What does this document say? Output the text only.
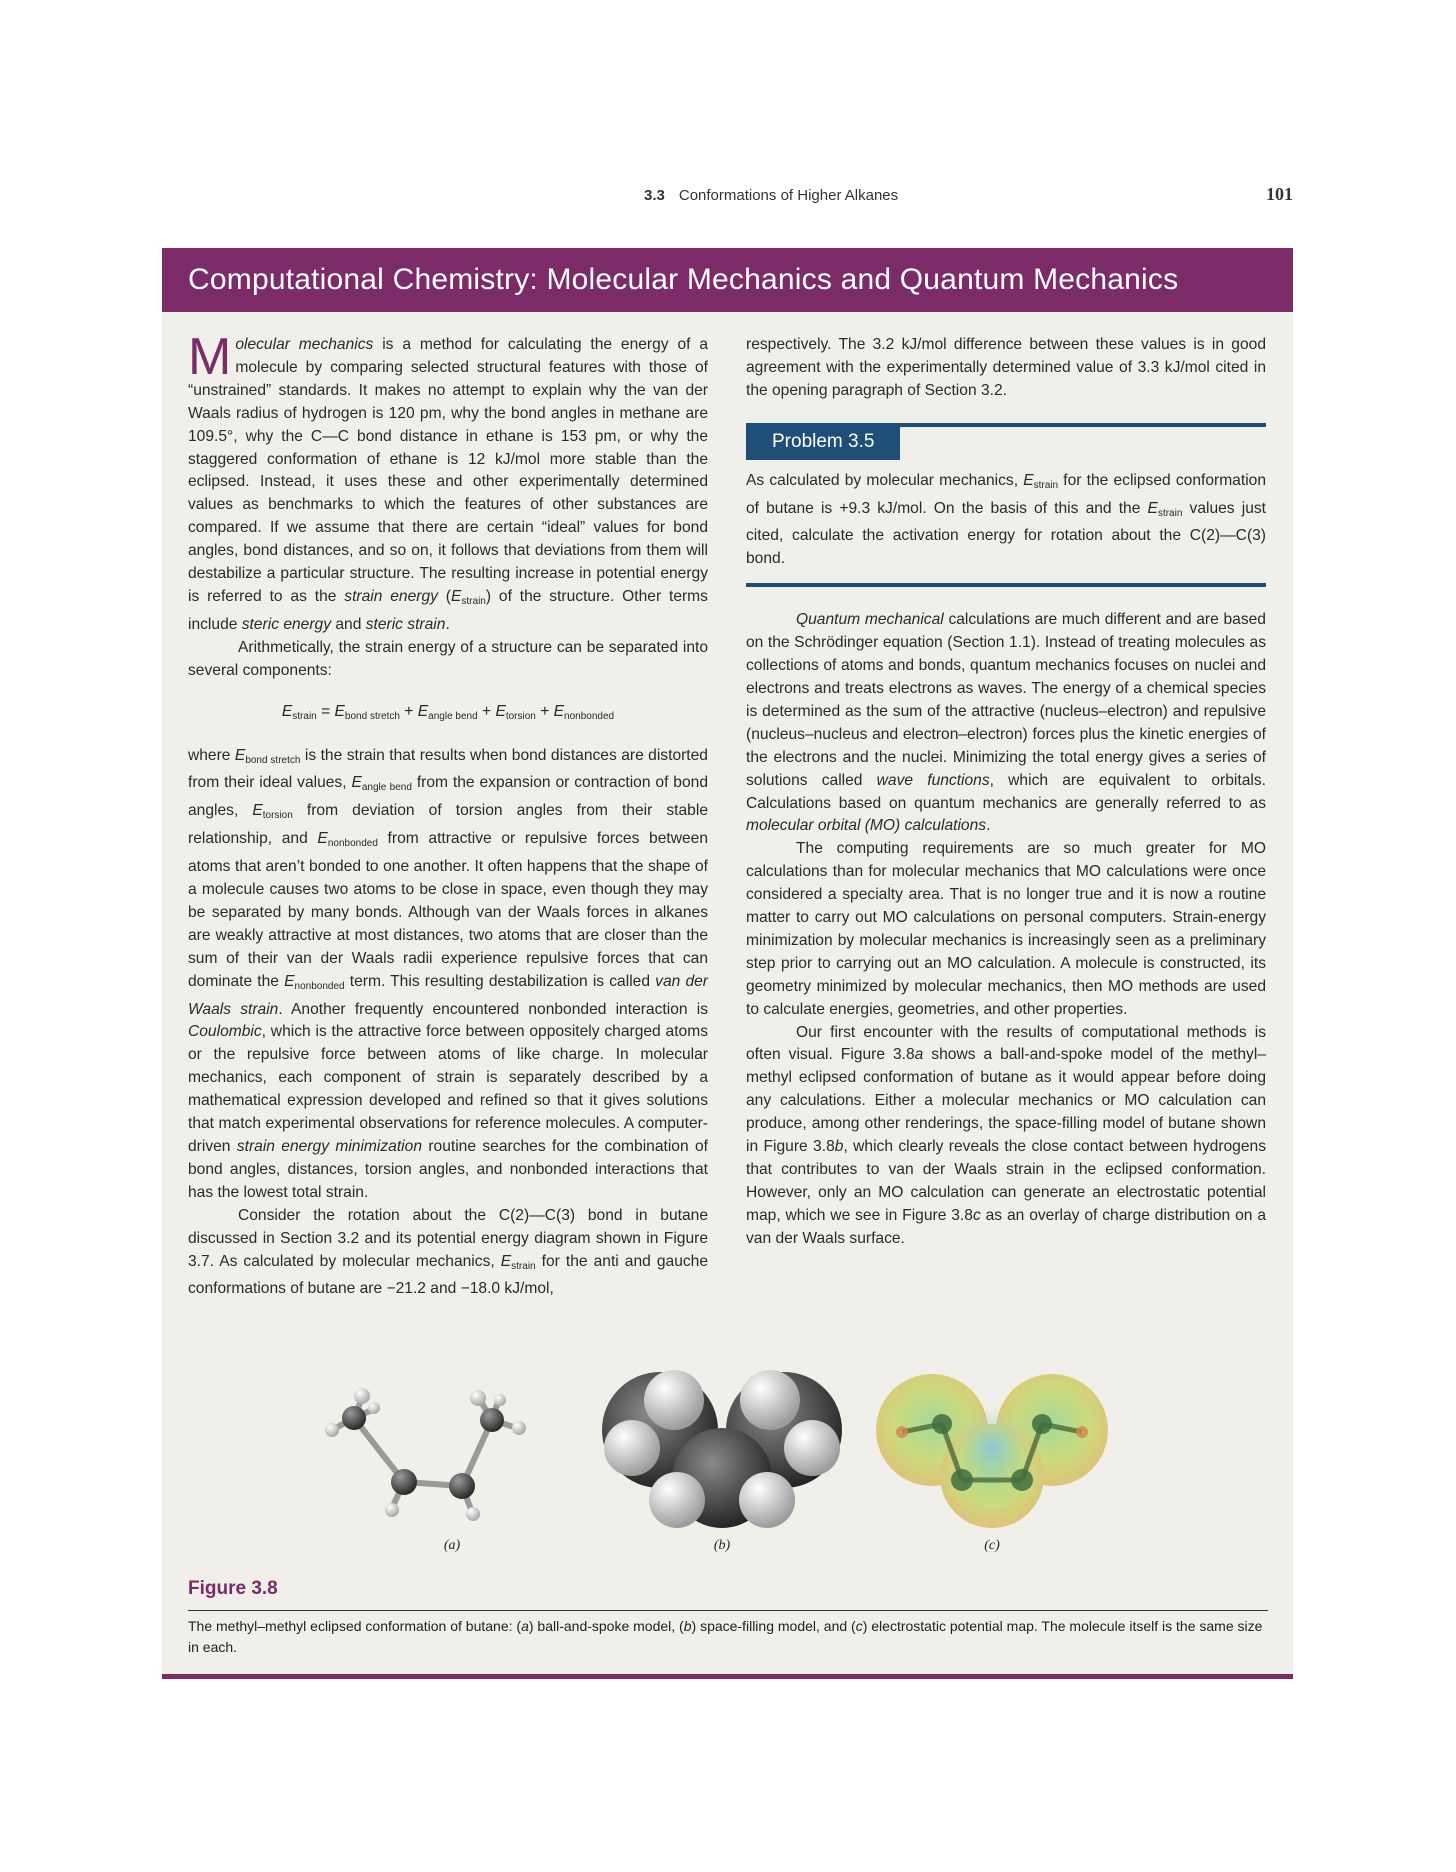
3.3 Conformations of Higher Alkanes	101
Computational Chemistry: Molecular Mechanics and Quantum Mechanics

Molecular mechanics is a method for calculating the energy of a molecule by comparing selected structural features with those of “unstrained” standards. It makes no attempt to explain why the van der Waals radius of hydrogen is 120 pm, why the bond angles in methane are 109.5°, why the C—C bond distance in ethane is 153 pm, or why the staggered conformation of ethane is 12 kJ/mol more stable than the eclipsed. Instead, it uses these and other experimentally determined values as benchmarks to which the features of other substances are compared. If we assume that there are certain “ideal” values for bond angles, bond distances, and so on, it follows that deviations from them will destabilize a particular structure. The resulting increase in potential energy is referred to as the strain energy $(E_{strain})$ of the structure. Other terms include steric energy and steric strain.

Arithmetically, the strain energy of a structure can be separated into several components:

$E_{strain} = E_{bond stretch} + E_{angle bend} + E_{torsion} + E_{nonbonded}$

where $E_{bond stretch}$ is the strain that results when bond distances are distorted from their ideal values, $E_{angle bend}$ from the expansion or contraction of bond angles, $E_{torsion}$ from deviation of torsion angles from their stable relationship, and $E_{nonbonded}$ from attractive or repulsive forces between atoms that aren’t bonded to one another. It often happens that the shape of a molecule causes two atoms to be close in space, even though they may be separated by many bonds. Although van der Waals forces in alkanes are weakly attractive at most distances, two atoms that are closer than the sum of their van der Waals radii experience repulsive forces that can dominate the $E_{nonbonded}$ term. This resulting destabilization is called van der Waals strain. Another frequently encountered nonbonded interaction is Coulombic, which is the attractive force between oppositely charged atoms or the repulsive force between atoms of like charge. In molecular mechanics, each component of strain is separately described by a mathematical expression developed and refined so that it gives solutions that match experimental observations for reference molecules. A computer-driven strain energy minimization routine searches for the combination of bond angles, distances, torsion angles, and nonbonded interactions that has the lowest total strain.

Consider the rotation about the C(2)—C(3) bond in butane discussed in Section 3.2 and its potential energy diagram shown in Figure 3.7. As calculated by molecular mechanics, $E_{strain}$ for the anti and gauche conformations of butane are −21.2 and −18.0 kJ/mol,

respectively. The 3.2 kJ/mol difference between these values is in good agreement with the experimentally determined value of 3.3 kJ/mol cited in the opening paragraph of Section 3.2.

Problem 3.5
As calculated by molecular mechanics, $E_{strain}$ for the eclipsed conformation of butane is +9.3 kJ/mol. On the basis of this and the $E_{strain}$ values just cited, calculate the activation energy for rotation about the C(2)—C(3) bond.

Quantum mechanical calculations are much different and are based on the Schrödinger equation (Section 1.1). Instead of treating molecules as collections of atoms and bonds, quantum mechanics focuses on nuclei and electrons and treats electrons as waves. The energy of a chemical species is determined as the sum of the attractive (nucleus–electron) and repulsive (nucleus–nucleus and electron–electron) forces plus the kinetic energies of the electrons and the nuclei. Minimizing the total energy gives a series of solutions called wave functions, which are equivalent to orbitals. Calculations based on quantum mechanics are generally referred to as molecular orbital (MO) calculations.

The computing requirements are so much greater for MO calculations than for molecular mechanics that MO calculations were once considered a specialty area. That is no longer true and it is now a routine matter to carry out MO calculations on personal computers. Strain-energy minimization by molecular mechanics is increasingly seen as a preliminary step prior to carrying out an MO calculation. A molecule is constructed, its geometry minimized by molecular mechanics, then MO methods are used to calculate energies, geometries, and other properties.

Our first encounter with the results of computational methods is often visual. Figure 3.8a shows a ball-and-spoke model of the methyl–methyl eclipsed conformation of butane as it would appear before doing any calculations. Either a molecular mechanics or MO calculation can produce, among other renderings, the space-filling model of butane shown in Figure 3.8b, which clearly reveals the close contact between hydrogens that contributes to van der Waals strain in the eclipsed conformation. However, only an MO calculation can generate an electrostatic potential map, which we see in Figure 3.8c as an overlay of charge distribution on a van der Waals surface.

(a)	(b)	(c)
Figure 3.8
The methyl–methyl eclipsed conformation of butane: (a) ball-and-spoke model, (b) space-filling model, and (c) electrostatic potential map. The molecule itself is the same size in each.
